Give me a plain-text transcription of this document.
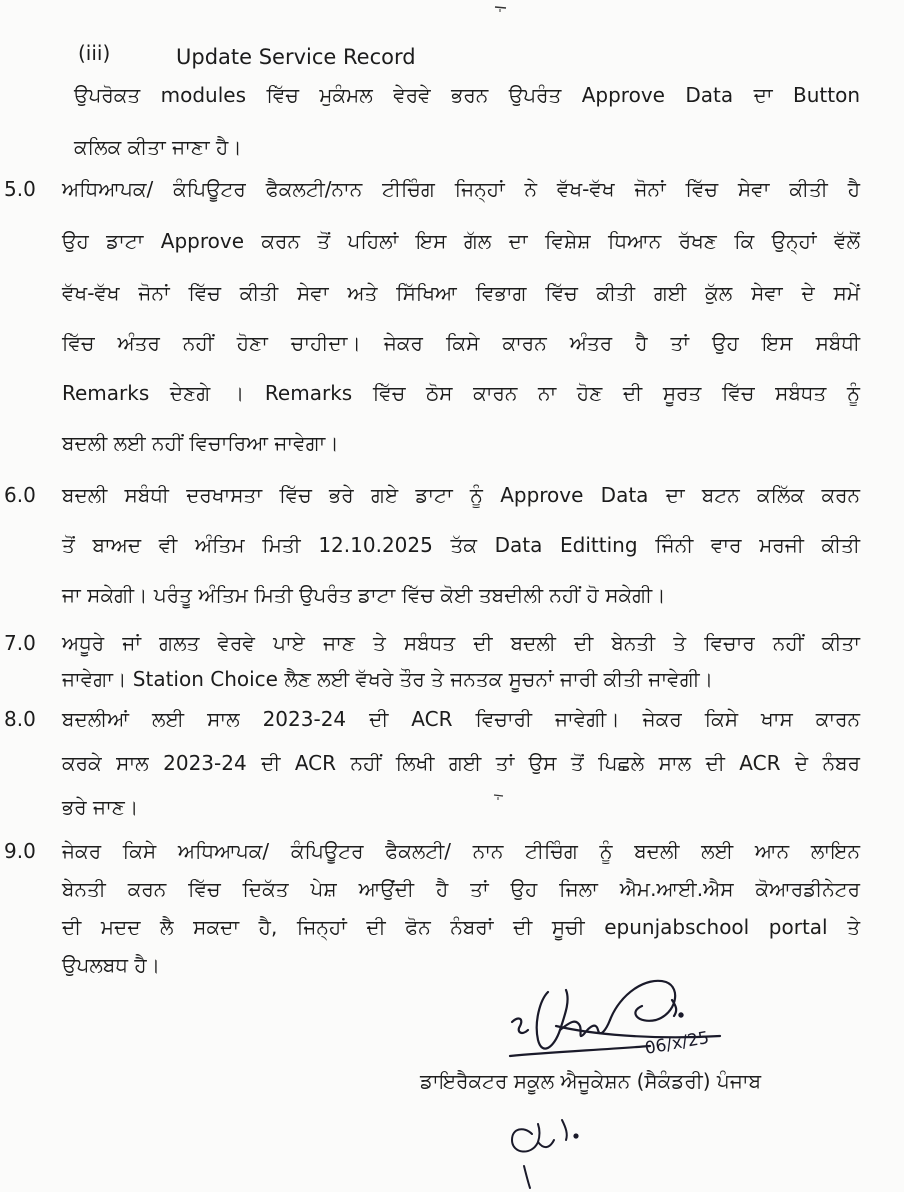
(iii)	Update Service Record
ਉਪਰੋਕਤ modules ਵਿੱਚ ਮੁਕੰਮਲ ਵੇਰਵੇ ਭਰਨ ਉਪਰੰਤ Approve Data ਦਾ Button
ਕਲਿਕ ਕੀਤਾ ਜਾਣਾ ਹੈ।
5.0 ਅਧਿਆਪਕ/ ਕੰਪਿਊਟਰ ਫੈਕਲਟੀ/ਨਾਨ ਟੀਚਿੰਗ ਜਿਨ੍ਹਾਂ ਨੇ ਵੱਖ-ਵੱਖ ਜੋਨਾਂ ਵਿੱਚ ਸੇਵਾ ਕੀਤੀ ਹੈ
ਉਹ ਡਾਟਾ Approve ਕਰਨ ਤੋਂ ਪਹਿਲਾਂ ਇਸ ਗੱਲ ਦਾ ਵਿਸ਼ੇਸ਼ ਧਿਆਨ ਰੱਖਣ ਕਿ ਉਨ੍ਹਾਂ ਵੱਲੋਂ
ਵੱਖ-ਵੱਖ ਜੋਨਾਂ ਵਿੱਚ ਕੀਤੀ ਸੇਵਾ ਅਤੇ ਸਿੱਖਿਆ ਵਿਭਾਗ ਵਿੱਚ ਕੀਤੀ ਗਈ ਕੁੱਲ ਸੇਵਾ ਦੇ ਸਮੇਂ
ਵਿੱਚ ਅੰਤਰ ਨਹੀਂ ਹੋਣਾ ਚਾਹੀਦਾ। ਜੇਕਰ ਕਿਸੇ ਕਾਰਨ ਅੰਤਰ ਹੈ ਤਾਂ ਉਹ ਇਸ ਸਬੰਧੀ
Remarks ਦੇਣਗੇ । Remarks ਵਿੱਚ ਠੋਸ ਕਾਰਨ ਨਾ ਹੋਣ ਦੀ ਸੂਰਤ ਵਿੱਚ ਸਬੰਧਤ ਨੂੰ
ਬਦਲੀ ਲਈ ਨਹੀਂ ਵਿਚਾਰਿਆ ਜਾਵੇਗਾ।
6.0 ਬਦਲੀ ਸਬੰਧੀ ਦਰਖਾਸਤਾ ਵਿੱਚ ਭਰੇ ਗਏ ਡਾਟਾ ਨੂੰ Approve Data ਦਾ ਬਟਨ ਕਲਿੱਕ ਕਰਨ
ਤੋਂ ਬਾਅਦ ਵੀ ਅੰਤਿਮ ਮਿਤੀ 12.10.2025 ਤੱਕ Data Editting ਜਿੰਨੀ ਵਾਰ ਮਰਜੀ ਕੀਤੀ
ਜਾ ਸਕੇਗੀ। ਪਰੰਤੂ ਅੰਤਿਮ ਮਿਤੀ ਉਪਰੰਤ ਡਾਟਾ ਵਿੱਚ ਕੋਈ ਤਬਦੀਲੀ ਨਹੀਂ ਹੋ ਸਕੇਗੀ।
7.0 ਅਧੂਰੇ ਜਾਂ ਗਲਤ ਵੇਰਵੇ ਪਾਏ ਜਾਣ ਤੇ ਸਬੰਧਤ ਦੀ ਬਦਲੀ ਦੀ ਬੇਨਤੀ ਤੇ ਵਿਚਾਰ ਨਹੀਂ ਕੀਤਾ
ਜਾਵੇਗਾ। Station Choice ਲੈਣ ਲਈ ਵੱਖਰੇ ਤੌਰ ਤੇ ਜਨਤਕ ਸੂਚਨਾਂ ਜਾਰੀ ਕੀਤੀ ਜਾਵੇਗੀ।
8.0 ਬਦਲੀਆਂ ਲਈ ਸਾਲ 2023-24 ਦੀ ACR ਵਿਚਾਰੀ ਜਾਵੇਗੀ। ਜੇਕਰ ਕਿਸੇ ਖਾਸ ਕਾਰਨ
ਕਰਕੇ ਸਾਲ 2023-24 ਦੀ ACR ਨਹੀਂ ਲਿਖੀ ਗਈ ਤਾਂ ਉਸ ਤੋਂ ਪਿਛਲੇ ਸਾਲ ਦੀ ACR ਦੇ ਨੰਬਰ
ਭਰੇ ਜਾਣ।
9.0 ਜੇਕਰ ਕਿਸੇ ਅਧਿਆਪਕ/ ਕੰਪਿਊਟਰ ਫੈਕਲਟੀ/ ਨਾਨ ਟੀਚਿੰਗ ਨੂੰ ਬਦਲੀ ਲਈ ਆਨ ਲਾਇਨ
ਬੇਨਤੀ ਕਰਨ ਵਿੱਚ ਦਿਕੱਤ ਪੇਸ਼ ਆਉਂਦੀ ਹੈ ਤਾਂ ਉਹ ਜਿਲਾ ਐਮ.ਆਈ.ਐਸ ਕੋਆਰਡੀਨੇਟਰ
ਦੀ ਮਦਦ ਲੈ ਸਕਦਾ ਹੈ, ਜਿਨ੍ਹਾਂ ਦੀ ਫੋਨ ਨੰਬਰਾਂ ਦੀ ਸੂਚੀ epunjabschool portal ਤੇ
ਉਪਲਬਧ ਹੈ।
06/x/25
ਡਾਇਰੈਕਟਰ ਸਕੂਲ ਐਜੂਕੇਸ਼ਨ (ਸੈਕੰਡਰੀ) ਪੰਜਾਬ
